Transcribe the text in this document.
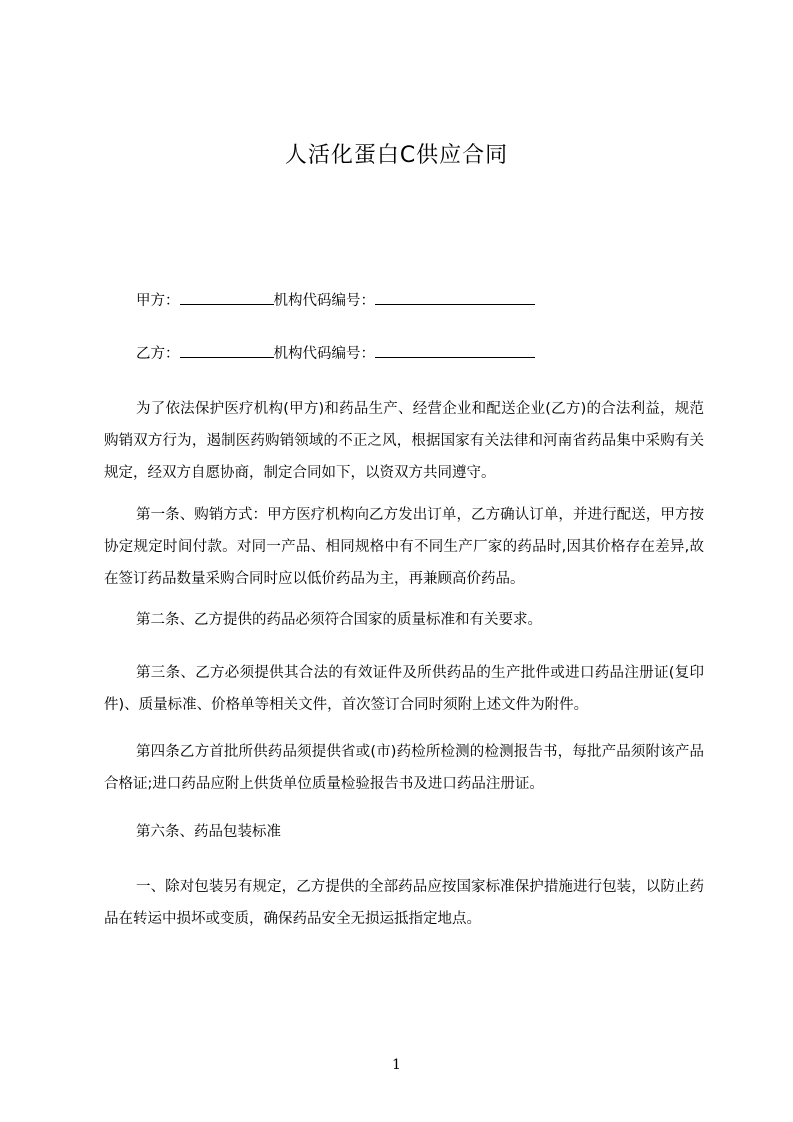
人活化蛋白C供应合同
甲方：	机构代码编号：
乙方：	机构代码编号：

为了依法保护医疗机构(甲方)和药品生产、经营企业和配送企业(乙方)的合法利益，规范购销双方行为，遏制医药购销领域的不正之风，根据国家有关法律和河南省药品集中采购有关规定，经双方自愿协商，制定合同如下，以资双方共同遵守。

第一条、购销方式：甲方医疗机构向乙方发出订单，乙方确认订单，并进行配送，甲方按协定规定时间付款。对同一产品、相同规格中有不同生产厂家的药品时,因其价格存在差异,故在签订药品数量采购合同时应以低价药品为主，再兼顾高价药品。

第二条、乙方提供的药品必须符合国家的质量标准和有关要求。

第三条、乙方必须提供其合法的有效证件及所供药品的生产批件或进口药品注册证(复印件)、质量标准、价格单等相关文件，首次签订合同时须附上述文件为附件。

第四条乙方首批所供药品须提供省或(市)药检所检测的检测报告书，每批产品须附该产品合格证;进口药品应附上供货单位质量检验报告书及进口药品注册证。

第六条、药品包装标准

一、除对包装另有规定，乙方提供的全部药品应按国家标准保护措施进行包装，以防止药品在转运中损坏或变质，确保药品安全无损运抵指定地点。

1
